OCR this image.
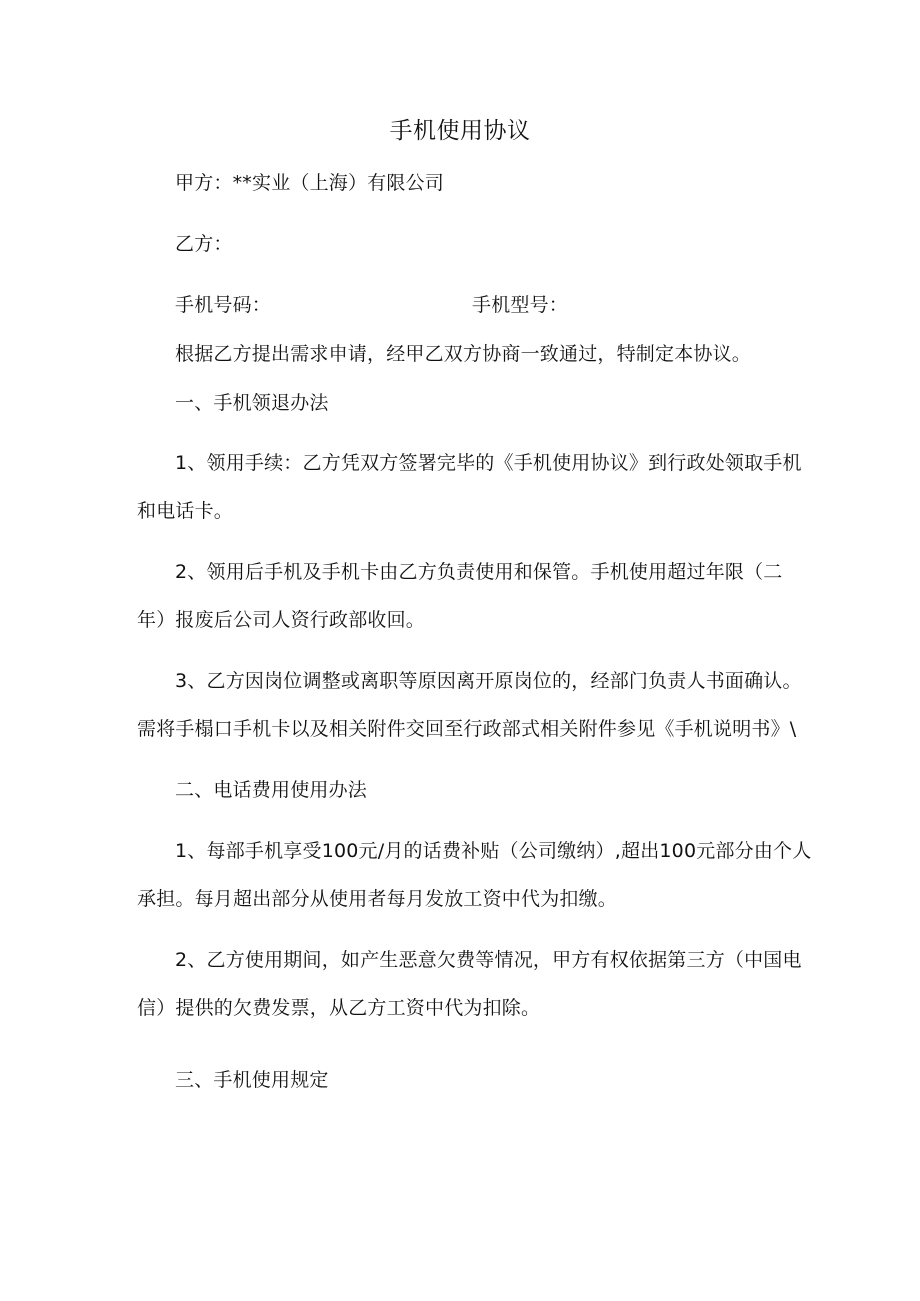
手机使用协议
甲方：**实业（上海）有限公司
乙方：
手机号码：	手机型号：
根据乙方提出需求申请，经甲乙双方协商一致通过，特制定本协议。
一、手机领退办法
1、领用手续：乙方凭双方签署完毕的《手机使用协议》到行政处领取手机
和电话卡。
2、领用后手机及手机卡由乙方负责使用和保管。手机使用超过年限（二
年）报废后公司人资行政部收回。
3、乙方因岗位调整或离职等原因离开原岗位的，经部门负责人书面确认。
需将手榻口手机卡以及相关附件交回至行政部式相关附件参见《手机说明书》\
二、电话费用使用办法
1、每部手机享受100元/月的话费补贴（公司缴纳）,超出100元部分由个人
承担。每月超出部分从使用者每月发放工资中代为扣缴。
2、乙方使用期间，如产生恶意欠费等情况，甲方有权依据第三方（中国电
信）提供的欠费发票，从乙方工资中代为扣除。
三、手机使用规定
